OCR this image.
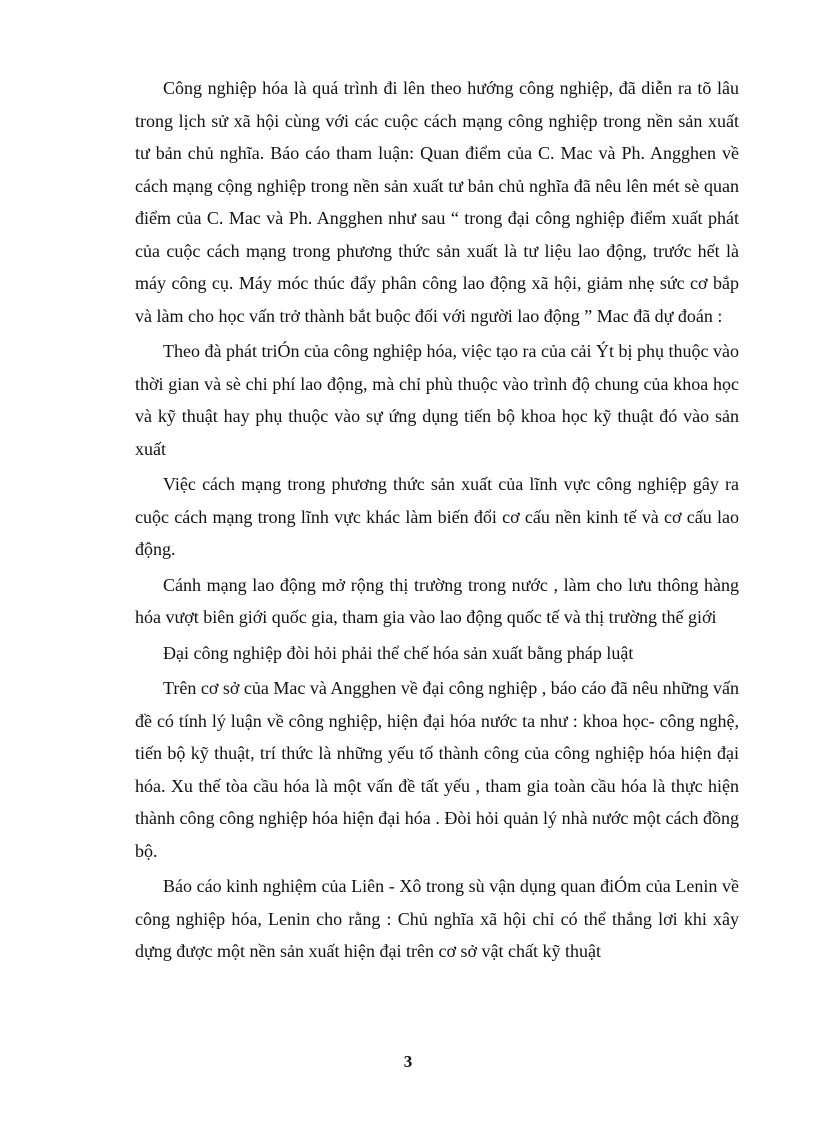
Công nghiệp hóa là quá trình đi lên theo hướng công nghiệp, đã diễn ra tõ lâu trong lịch sử xã hội cùng với các cuộc cách mạng công nghiệp trong nền sản xuất tư bản chủ nghĩa. Báo cáo tham luận: Quan điểm của C. Mac và Ph. Angghen về cách mạng cộng nghiệp trong nền sản xuất tư bản chủ nghĩa đã nêu lên mét sè quan điểm của C. Mac và Ph. Angghen như sau “ trong đại công nghiệp điểm xuất phát của cuộc cách mạng trong phương thức sản xuất là tư liệu lao động, trước hết là máy công cụ. Máy móc thúc đẩy phân công lao động xã hội, giảm nhẹ sức cơ bắp và làm cho học vấn trở thành bắt buộc đối với người lao động ” Mac đã dự đoán :

Theo đà phát triÓn của công nghiệp hóa, việc tạo ra của cải Ýt bị phụ thuộc vào thời gian và sè chi phí lao động, mà chỉ phù thuộc vào trình độ chung của khoa học và kỹ thuật hay phụ thuộc vào sự ứng dụng tiến bộ khoa học kỹ thuật đó vào sản xuất

Việc cách mạng trong phương thức sản xuất của lĩnh vực công nghiệp gây ra cuộc cách mạng trong lĩnh vực khác làm biến đổi cơ cấu nền kinh tế và cơ cấu lao động.

Cánh mạng lao động mở rộng thị trường trong nước , làm cho lưu thông hàng hóa vượt biên giới quốc gia, tham gia vào lao động quốc tế và thị trường thế giới

Đại công nghiệp đòi hỏi phải thể chế hóa sản xuất bằng pháp luật

Trên cơ sở của Mac và Angghen về đại công nghiệp , báo cáo đã nêu những vấn đề có tính lý luận về công nghiệp, hiện đại hóa nước ta như : khoa học- công nghệ, tiến bộ kỹ thuật, trí thức là những yếu tố thành công của công nghiệp hóa hiện đại hóa. Xu thế tòa cầu hóa là một vấn đề tất yếu , tham gia toàn cầu hóa là thực hiện thành công công nghiệp hóa hiện đại hóa . Đòi hỏi quản lý nhà nước một cách đồng bộ.

Báo cáo kinh nghiệm của Liên - Xô trong sù vận dụng quan điÓm của Lenin về công nghiệp hóa, Lenin cho rằng : Chủ nghĩa xã hội chỉ có thể thắng lơi khi xây dựng được một nền sản xuất hiện đại trên cơ sở vật chất kỹ thuật

3
